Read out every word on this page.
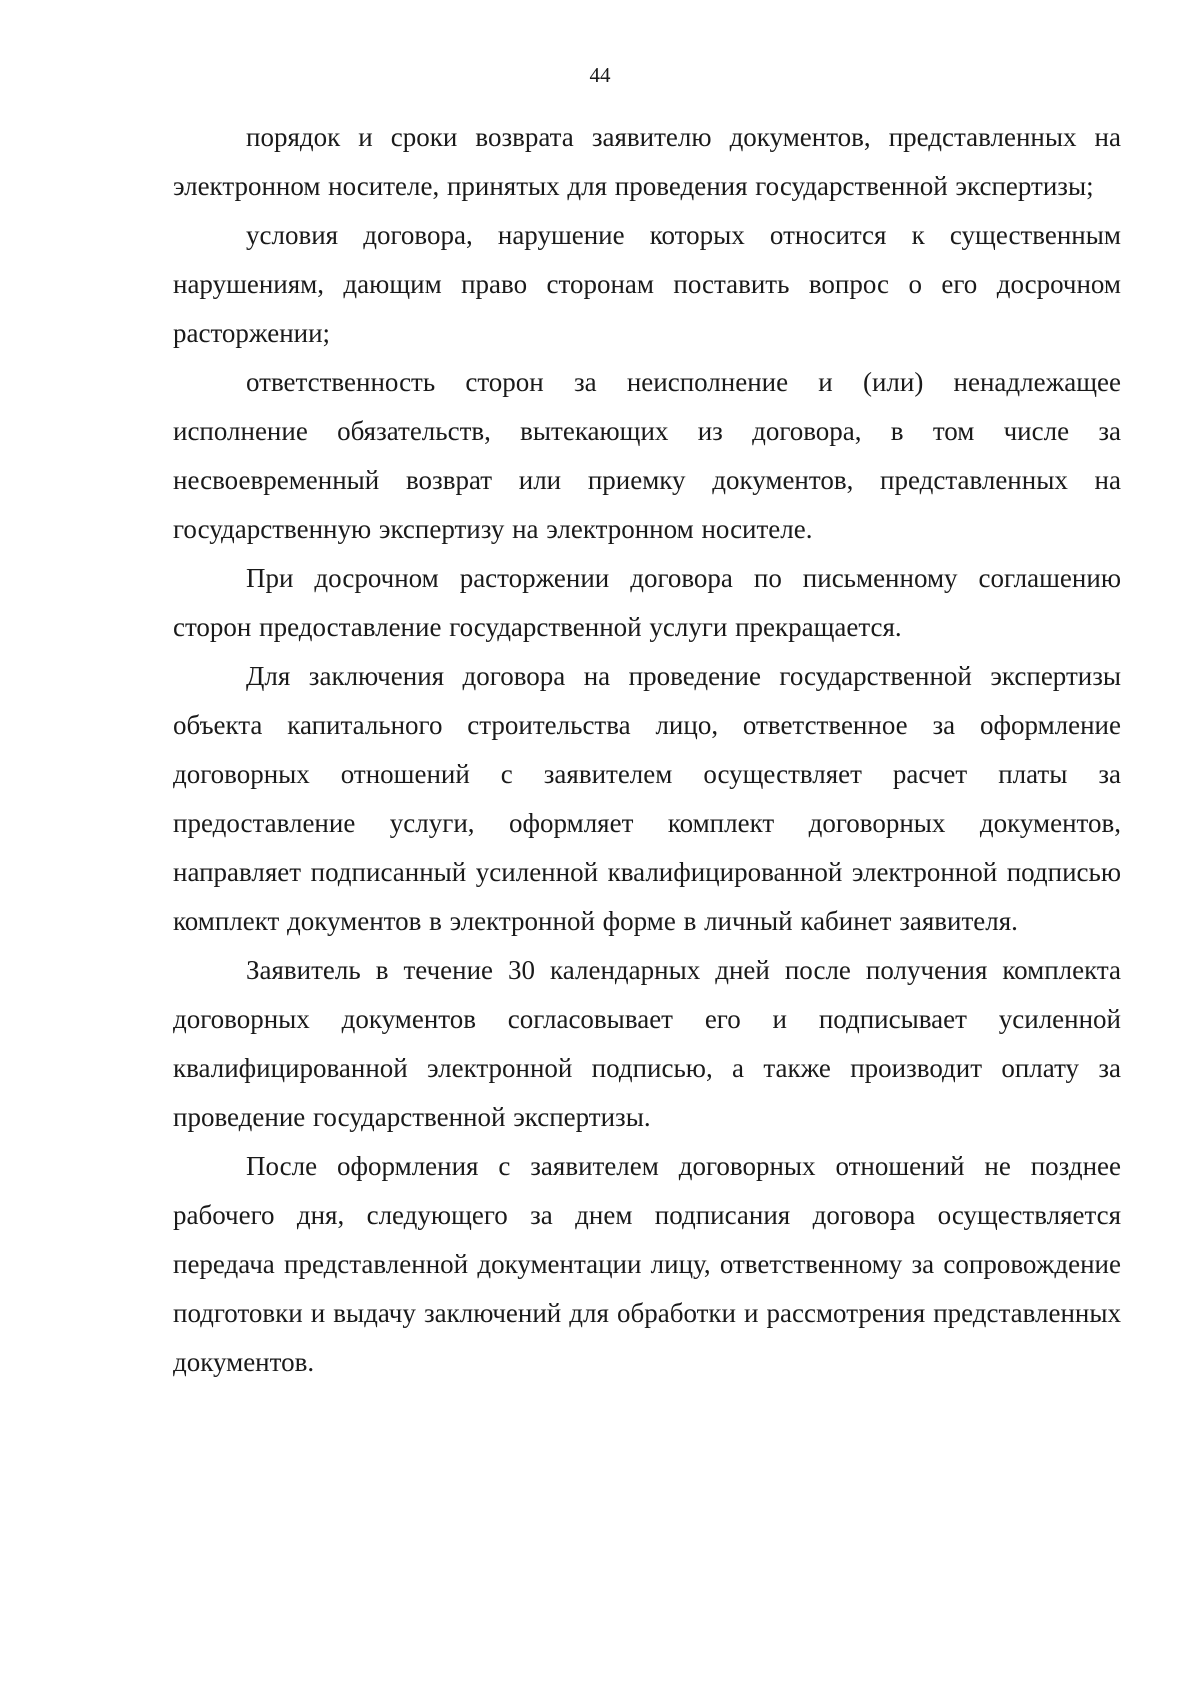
44

порядок и сроки возврата заявителю документов, представленных на электронном носителе, принятых для проведения государственной экспертизы;

условия договора, нарушение которых относится к существенным нарушениям, дающим право сторонам поставить вопрос о его досрочном расторжении;

ответственность сторон за неисполнение и (или) ненадлежащее исполнение обязательств, вытекающих из договора, в том числе за несвоевременный возврат или приемку документов, представленных на государственную экспертизу на электронном носителе.

При досрочном расторжении договора по письменному соглашению сторон предоставление государственной услуги прекращается.

Для заключения договора на проведение государственной экспертизы объекта капитального строительства лицо, ответственное за оформление договорных отношений с заявителем осуществляет расчет платы за предоставление услуги, оформляет комплект договорных документов, направляет подписанный усиленной квалифицированной электронной подписью комплект документов в электронной форме в личный кабинет заявителя.

Заявитель в течение 30 календарных дней после получения комплекта договорных документов согласовывает его и подписывает усиленной квалифицированной электронной подписью, а также производит оплату за проведение государственной экспертизы.

После оформления с заявителем договорных отношений не позднее рабочего дня, следующего за днем подписания договора осуществляется передача представленной документации лицу, ответственному за сопровождение подготовки и выдачу заключений для обработки и рассмотрения представленных документов.
